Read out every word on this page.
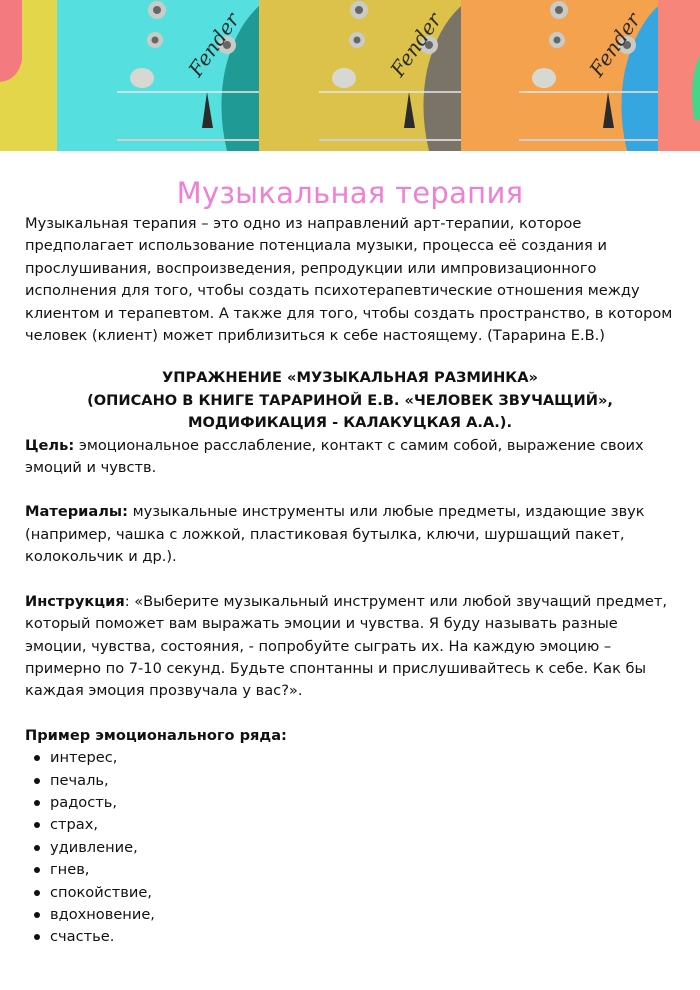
Fender	Fender	Fender
Музыкальная терапия

Музыкальная терапия – это одно из направлений арт-терапии, которое предполагает использование потенциала музыки, процесса её создания и прослушивания, воспроизведения, репродукции или импровизационного исполнения для того, чтобы создать психотерапевтические отношения между клиентом и терапевтом. А также для того, чтобы создать пространство, в котором человек (клиент) может приблизиться к себе настоящему. (Тарарина Е.В.)

УПРАЖНЕНИЕ «МУЗЫКАЛЬНАЯ РАЗМИНКА»
(ОПИСАНО В КНИГЕ ТАРАРИНОЙ Е.В. «ЧЕЛОВЕК ЗВУЧАЩИЙ»,
МОДИФИКАЦИЯ - КАЛАКУЦКАЯ А.А.).

Цель: эмоциональное расслабление, контакт с самим собой, выражение своих эмоций и чувств.

Материалы: музыкальные инструменты или любые предметы, издающие звук (например, чашка с ложкой, пластиковая бутылка, ключи, шуршащий пакет, колокольчик и др.).

Инструкция: «Выберите музыкальный инструмент или любой звучащий предмет, который поможет вам выражать эмоции и чувства. Я буду называть разные эмоции, чувства, состояния, - попробуйте сыграть их. На каждую эмоцию – примерно по 7-10 секунд. Будьте спонтанны и прислушивайтесь к себе. Как бы каждая эмоция прозвучала у вас?».

Пример эмоционального ряда:

интерес,
печаль,
радость,
страх,
удивление,
гнев,
спокойствие,
вдохновение,
счастье.
